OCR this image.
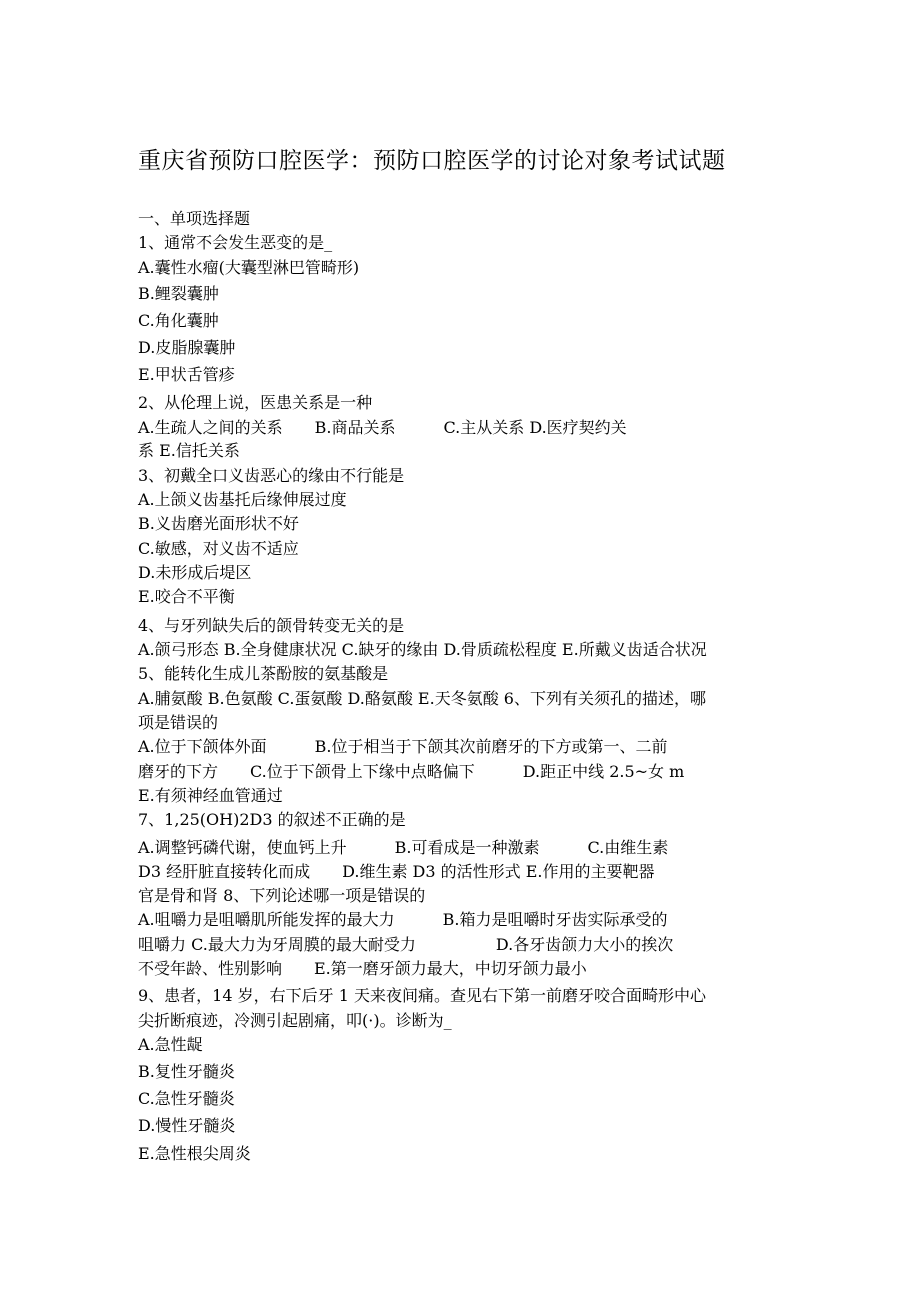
重庆省预防口腔医学：预防口腔医学的讨论对象考试试题
一、单项选择题
1、通常不会发生恶变的是_
A.囊性水瘤(大囊型淋巴管畸形)
B.鲤裂囊肿
C.角化囊肿
D.皮脂腺囊肿
E.甲状舌管疹
2、从伦理上说，医患关系是一种
A.生疏人之间的关系　　B.商品关系　　　C.主从关系 D.医疗契约关
系 E.信托关系
3、初戴全口义齿恶心的缘由不行能是
A.上颌义齿基托后缘伸展过度
B.义齿磨光面形状不好
C.敏感，对义齿不适应
D.未形成后堤区
E.咬合不平衡
4、与牙列缺失后的颌骨转变无关的是
A.颌弓形态 B.全身健康状况 C.缺牙的缘由 D.骨质疏松程度 E.所戴义齿适合状况
5、能转化生成儿茶酚胺的氨基酸是
A.脯氨酸 B.色氨酸 C.蛋氨酸 D.酪氨酸 E.天冬氨酸 6、下列有关须孔的描述，哪
项是错误的
A.位于下颌体外面　　　B.位于相当于下颌其次前磨牙的下方或第一、二前
磨牙的下方　　C.位于下颌骨上下缘中点略偏下　　　D.距正中线 2.5~女 m
E.有须神经血管通过
7、1,25(OH)2D3 的叙述不正确的是
A.调整钙磷代谢，使血钙上升　　　B.可看成是一种激素　　　C.由维生素
D3 经肝脏直接转化而成　　D.维生素 D3 的活性形式 E.作用的主要靶器
官是骨和肾 8、下列论述哪一项是错误的
A.咀嚼力是咀嚼肌所能发挥的最大力　　　B.箱力是咀嚼时牙齿实际承受的
咀嚼力 C.最大力为牙周膜的最大耐受力　　　　　D.各牙齿颌力大小的挨次
不受年龄、性别影响　　E.第一磨牙颌力最大，中切牙颌力最小
9、患者，14 岁，右下后牙 1 天来夜间痛。查见右下第一前磨牙咬合面畸形中心
尖折断痕迹，冷测引起剧痛，叩(·)。诊断为_
A.急性龊
B.复性牙髓炎
C.急性牙髓炎
D.慢性牙髓炎
E.急性根尖周炎
